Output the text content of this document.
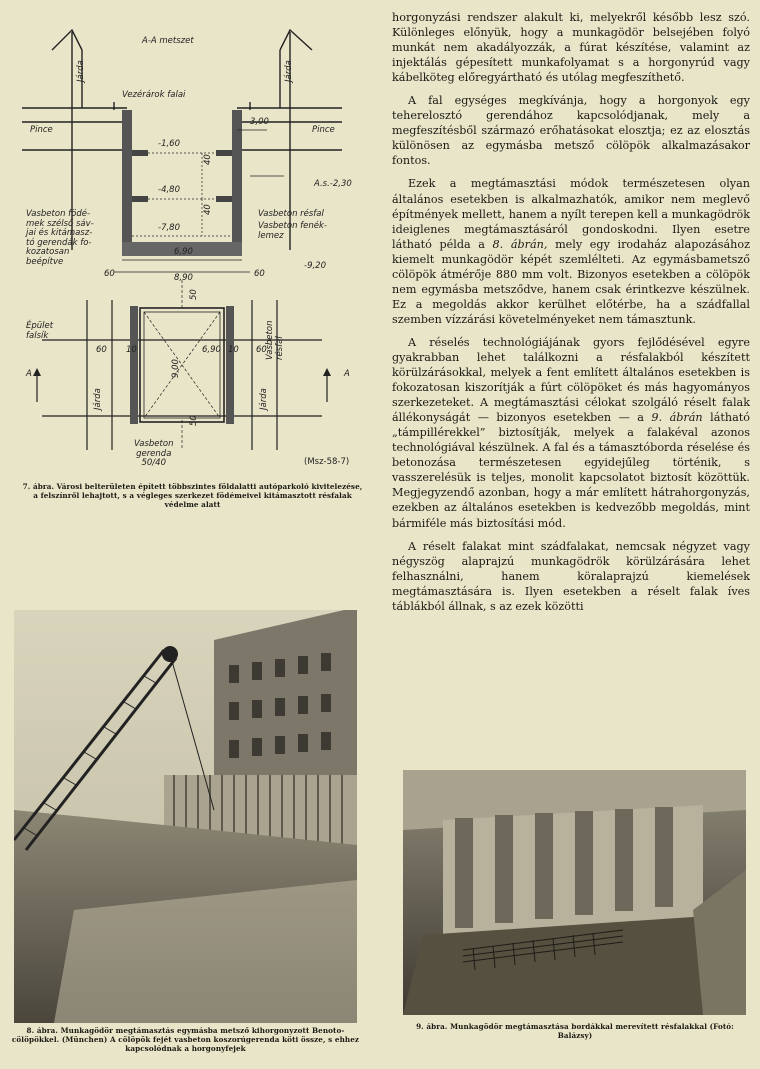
A-A metszet
Járda	Járda
Vezérárok falai
Pince	Pince
3,00
-1,60
-4,80
-7,80
A.s.-2,30
-9,20
6,90
8,90
60	60
40
40
Vasbeton födé-
mek szélső sáv-
jai és kitámasz-
tó gerendák fo-
kozatosan
beépítve
Vasbeton résfal
Vasbeton fenék-
lemez
Épület
falsík
A	A
Járda	Járda
Vasbeton
résfal
50
50
60 10	6,90 10 60
9,00
Vasbeton
gerenda
50/40	(Msz-58-7)
7. ábra. Városi belterületen épített többszintes földalatti autóparkoló kivitelezése, a felszínről lehajtott, s a végleges szerkezet födémeivel kitámasztott résfalak védelme alatt
8. ábra. Munkagödör megtámasztás egymásba metsző kihorgonyzott Benoto-cölöpökkel. (München) A cölöpök fejét vasbeton koszorúgerenda köti össze, s ehhez kapcsolódnak a horgonyfejek

horgonyzási rendszer alakult ki, melyekről később lesz szó. Különleges előnyük, hogy a munkagödör belsejében folyó munkát nem akadályozzák, a fúrat készítése, valamint az injektálás gépesített munkafolyamat s a horgonyrúd vagy kábelköteg előregyártható és utólag megfeszíthető.

A fal egységes megkívánja, hogy a horgonyok egy teherelosztó gerendához kapcsolódjanak, mely a megfeszítésből származó erőhatásokat elosztja; ez az elosztás különösen az egymásba metsző cölöpök alkalmazásakor fontos.

Ezek a megtámasztási módok természetesen olyan általános esetekben is alkalmazhatók, amikor nem meglevő építmények mellett, hanem a nyílt terepen kell a munkagödrök ideiglenes megtámasztásáról gondoskodni. Ilyen esetre látható példa a 8. ábrán, mely egy irodaház alapozásához kiemelt munkagödör képét szemlélteti. Az egymásbametsző cölöpök átmérője 880 mm volt. Bizonyos esetekben a cölöpök nem egymásba metsződve, hanem csak érintkezve készülnek. Ez a megoldás akkor kerülhet előtérbe, ha a szádfallal szemben vízzárási követelményeket nem támasztunk.

A réselés technológiájának gyors fejlődésével egyre gyakrabban lehet találkozni a résfalakból készített körülzárásokkal, melyek a fent említett általános esetekben is fokozatosan kiszorítják a fúrt cölöpöket és más hagyományos szerkezeteket. A megtámasztási célokat szolgáló réselt falak állékonyságát — bizonyos esetekben — a 9. ábrán látható „támpillérekkel” biztosítják, melyek a falakéval azonos technológiával készülnek. A fal és a támasztóborda réselése és betonozása természetesen egyidejűleg történik, s vasszerelésük is teljes, monolit kapcsolatot biztosít közöttük. Megjegyzendő azonban, hogy a már említett hátrahorgonyzás, ezekben az általános esetekben is kedvezőbb megoldás, mint bármiféle más biztosítási mód.

A réselt falakat mint szádfalakat, nemcsak négyzet vagy négyszög alaprajzú munkagödrök körülzárására lehet felhasználni, hanem köralaprajzú kiemelések megtámasztására is. Ilyen esetekben a réselt falak íves táblákból állnak, s az ezek közötti

9. ábra. Munkagödör megtámasztása bordákkal merevített résfalakkal (Fotó: Balázsy)
